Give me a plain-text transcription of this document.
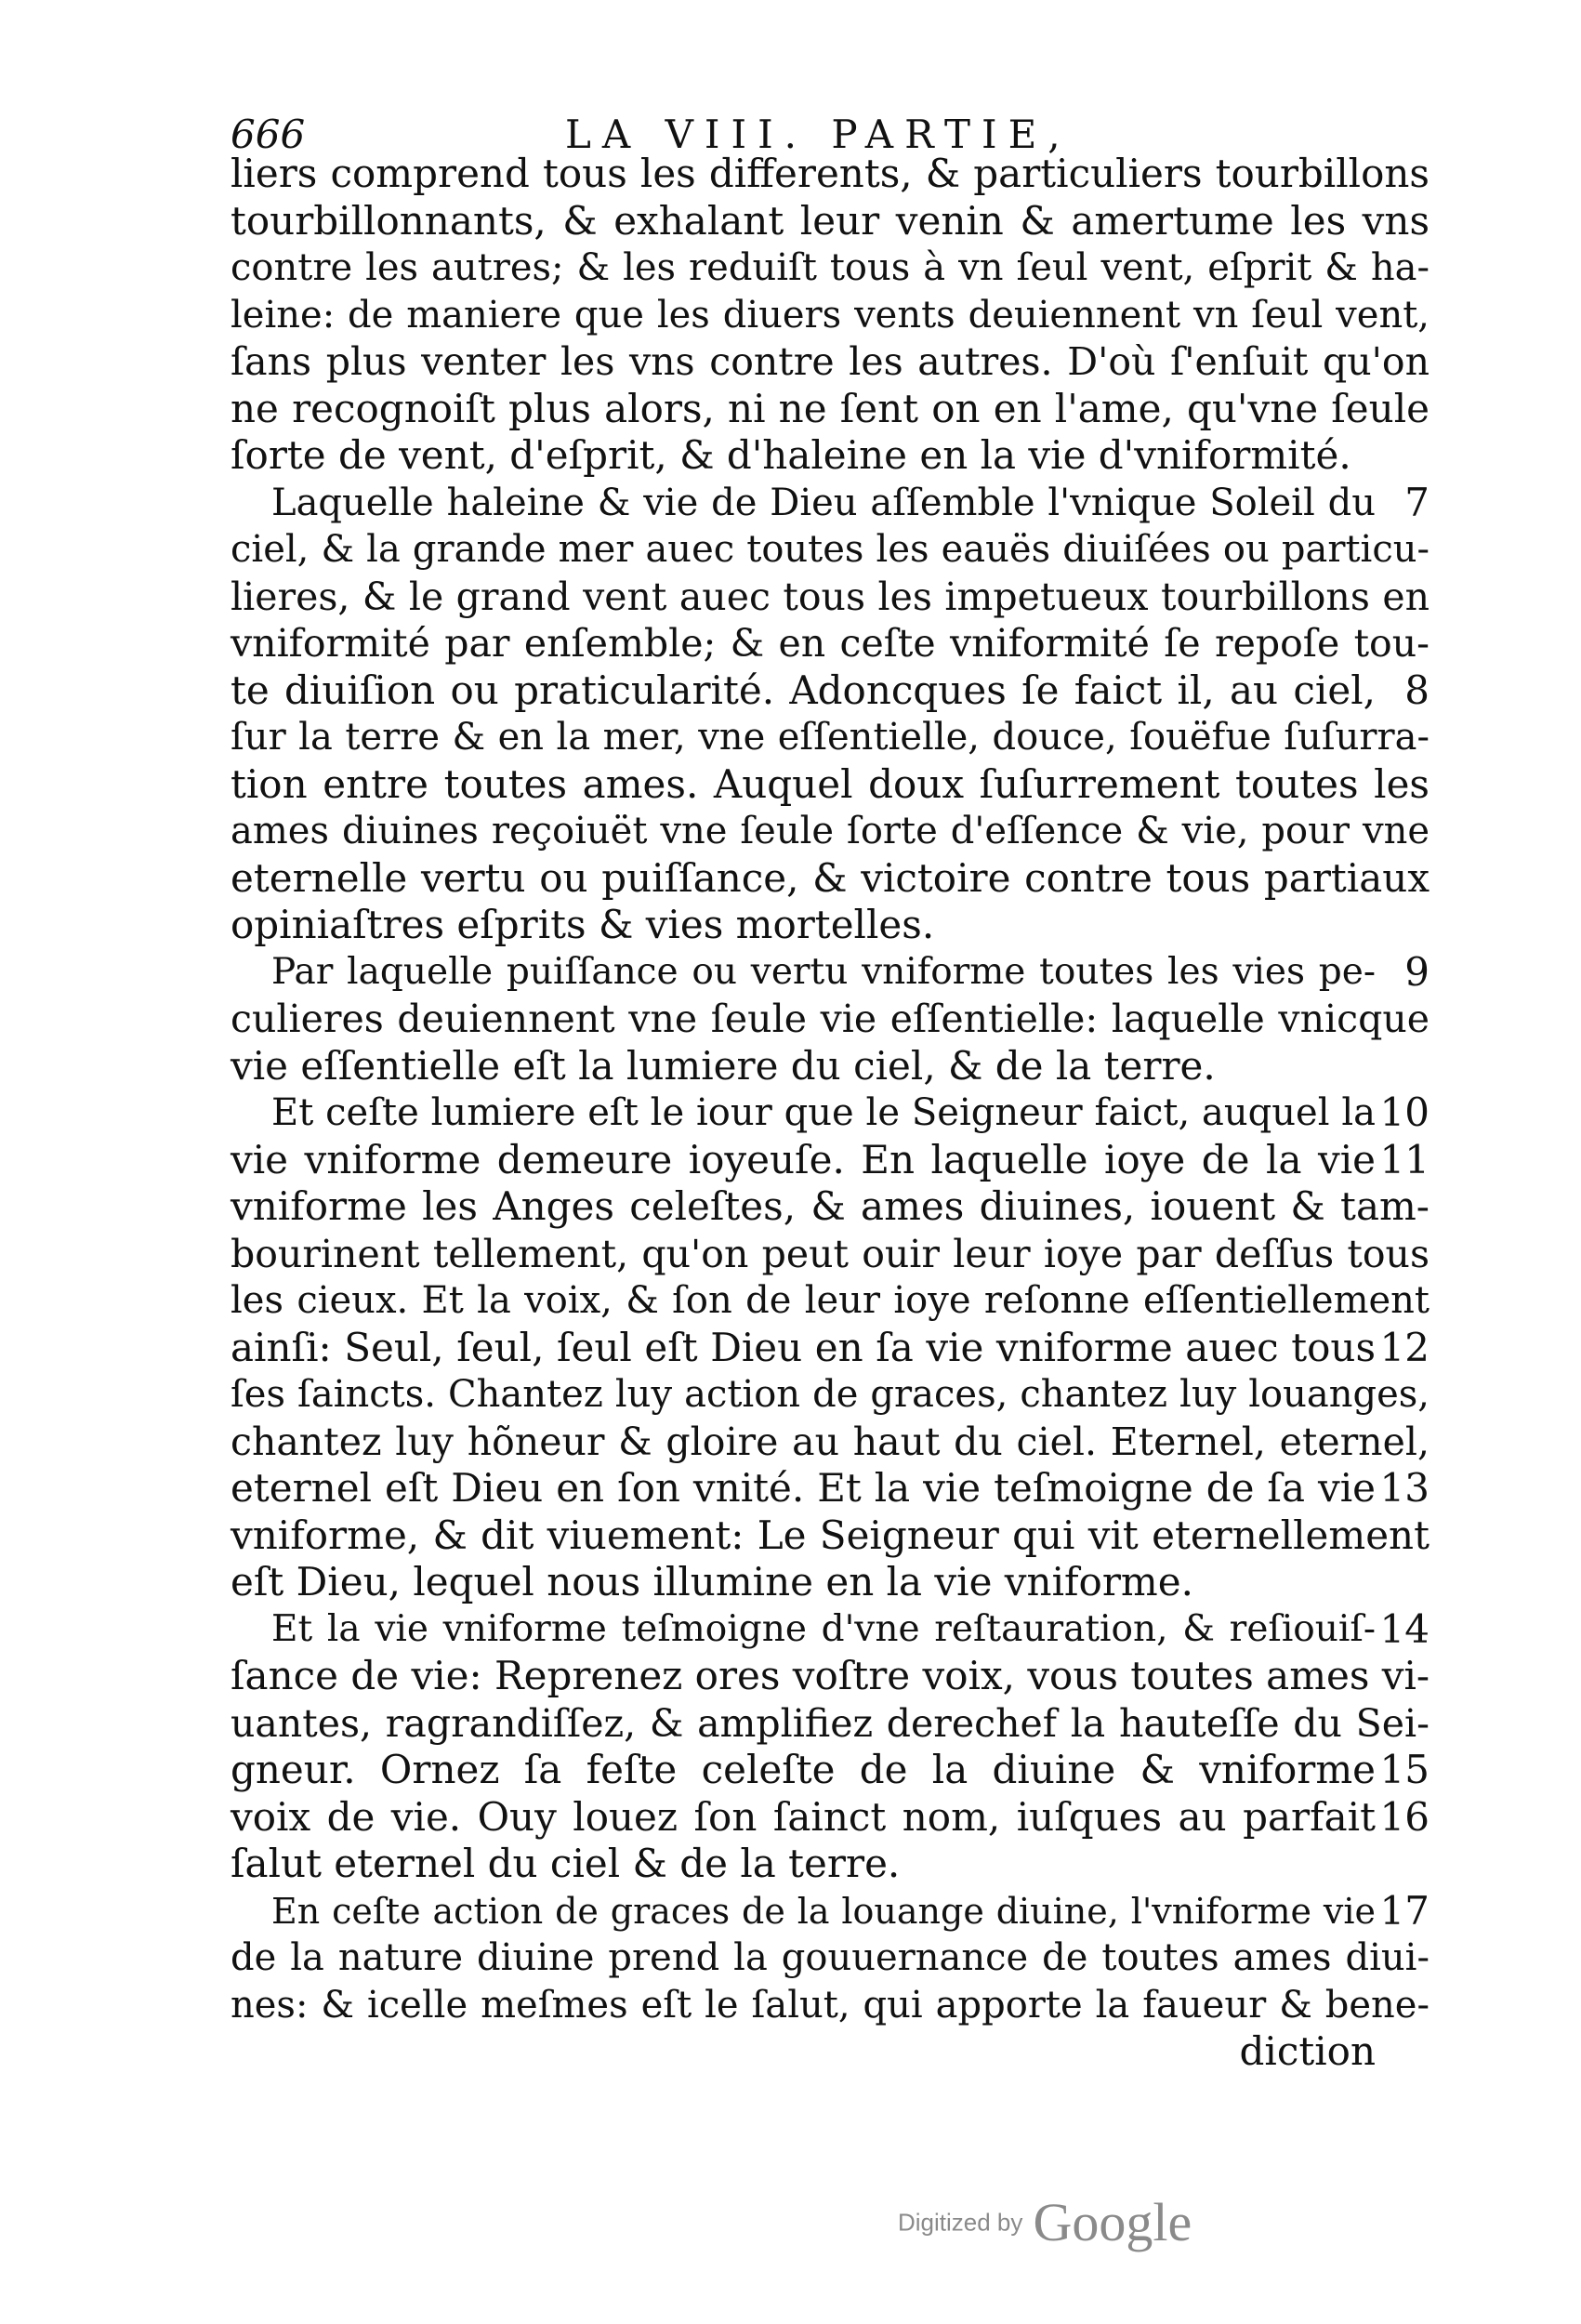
666	LA VIII. PARTIE,
liers comprend tous les differents, & particuliers tourbillons
tourbillonnants, & exhalant leur venin & amertume les vns
contre les autres; & les reduiſt tous à vn ſeul vent, eſprit & ha-
leine: de maniere que les diuers vents deuiennent vn ſeul vent,
ſans plus venter les vns contre les autres. D'où ſ'enſuit qu'on
ne recognoiſt plus alors, ni ne ſent on en l'ame, qu'vne ſeule
ſorte de vent, d'eſprit, & d'haleine en la vie d'vniformité.
Laquelle haleine & vie de Dieu aſſemble l'vnique Soleil du 7
ciel, & la grande mer auec toutes les eauës diuiſées ou particu-
lieres, & le grand vent auec tous les impetueux tourbillons en
vniformité par enſemble; & en ceſte vniformité ſe repoſe tou-
te diuiſion ou praticularité. Adoncques ſe faict il, au ciel, 8
ſur la terre & en la mer, vne eſſentielle, douce, ſouëfue ſuſurra-
tion entre toutes ames. Auquel doux ſuſurrement toutes les
ames diuines reçoiuët vne ſeule ſorte d'eſſence & vie, pour vne
eternelle vertu ou puiſſance, & victoire contre tous partiaux
opiniaſtres eſprits & vies mortelles.
Par laquelle puiſſance ou vertu vniforme toutes les vies pe- 9
culieres deuiennent vne ſeule vie eſſentielle: laquelle vnicque
vie eſſentielle eſt la lumiere du ciel, & de la terre.
Et ceſte lumiere eſt le iour que le Seigneur faict, auquel la 10
vie vniforme demeure ioyeuſe. En laquelle ioye de la vie 11
vniforme les Anges celeſtes, & ames diuines, iouent & tam-
bourinent tellement, qu'on peut ouir leur ioye par deſſus tous
les cieux. Et la voix, & ſon de leur ioye reſonne eſſentiellement
ainſi: Seul, ſeul, ſeul eſt Dieu en ſa vie vniforme auec tous 12
ſes ſaincts. Chantez luy action de graces, chantez luy louanges,
chantez luy hõneur & gloire au haut du ciel. Eternel, eternel,
eternel eſt Dieu en ſon vnité. Et la vie teſmoigne de ſa vie 13
vniforme, & dit viuement: Le Seigneur qui vit eternellement
eſt Dieu, lequel nous illumine en la vie vniforme.
Et la vie vniforme teſmoigne d'vne reſtauration, & reſiouiſ- 14
ſance de vie: Reprenez ores voſtre voix, vous toutes ames vi-
uantes, ragrandiſſez, & amplifiez derechef la hauteſſe du Sei-
gneur. Ornez ſa feſte celeſte de la diuine & vniforme 15
voix de vie. Ouy louez ſon ſainct nom, iuſques au parfait 16
ſalut eternel du ciel & de la terre.
En ceſte action de graces de la louange diuine, l'vniforme vie 17
de la nature diuine prend la gouuernance de toutes ames diui-
nes: & icelle meſmes eſt le ſalut, qui apporte la faueur & bene-
diction
Digitized by Google
